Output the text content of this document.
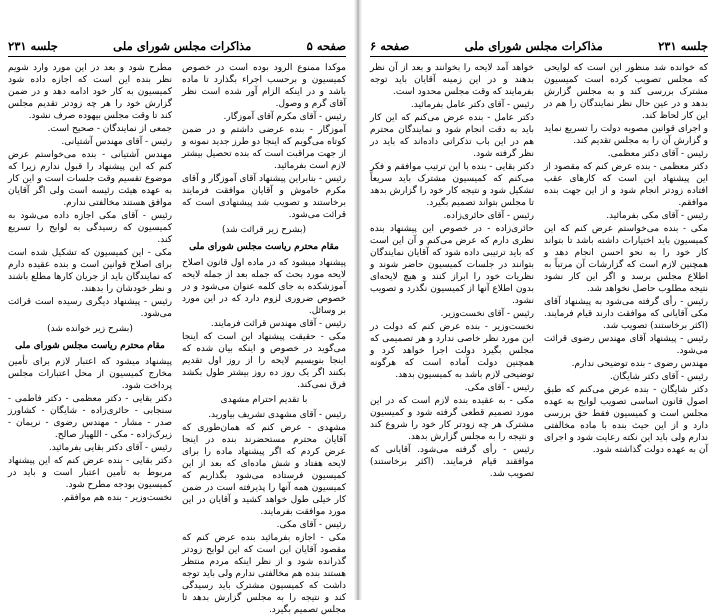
صفحه ۵
مذاکرات مجلس شورای ملی
جلسه ۲۳۱

موکدا ممنوع الرود بوده است در خصوص کمیسیون و برحسب اجراء بگذارد تا ماده باشد و در اینکه الزام آور شده است نظر آقای گرم و وصول.

رئیس - آقای مکرم آقای آموزگار.

آموزگار - بنده عرضی داشتم و در ضمن کوتاه می‌گویم که اینجا دو طرز جدید نمونه و از جهت مراقبت است که بنده تحصیل بیشتر لازم است بفرمائید.

رئیس - بنابراین پیشنهاد آقای آموزگار و آقای مکرم خاموش و آقایان موافقت فرمایند برخاستند و تصویب شد پیشنهادی است که قرائت می‌شود.

(بشرح زیر قرائت شد)

مقام محترم ریاست مجلس شورای ملی

پیشنهاد میشود که در ماده اول قانون اصلاح لایحه مورد بحث که جمله بعد از جمله لایحه آموزشکده به جای کلمه عنوان می‌شود و در خصوص ضروری لزوم دارد که در این مورد بر وسائل.

رئیس - آقای مهندس قرائت فرمایند.

مکی - حقیقت پیشنهاد این است که اینجا می‌گوید در خصوص و اینکه بیان شده که اینجا بنویسیم لایحه را از روز اول تقدیم بکنند اگر یک روز ده روز بیشتر طول بکشد فرق نمی‌کند.

با تقدیم احترام مشهدی

رئیس - آقای مشهدی تشریف بیاورید.

مشهدی - عرض کنم که همان‌طوری که آقایان محترم مستحضرند بنده در اینجا عرض کردم که اگر پیشنهاد ماده را برای لایحه هفتاد و شش ماده‌ای که بعد از این کمیسیون فرستاده می‌شود بگذاریم که کمیسیون همه آنها را پذیرفته است در ضمن کار خیلی طول خواهد کشید و آقایان در این مورد موافقت بفرمایند.

رئیس - آقای مکی.

مکی - اجازه بفرمائید بنده عرض کنم که مقصود آقایان این است که این لوایح زودتر گذرانده شود و از نظر اینکه مردم منتظر هستند بنده هم مخالفتی ندارم ولی باید توجه داشت که کمیسیون مشترک باید رسیدگی کند و نتیجه را به مجلس گزارش بدهد تا مجلس تصمیم بگیرد.

مطرح شود و بعد در این مورد وارد شویم نظر بنده این است که اجازه داده شود کمیسیون به کار خود ادامه دهد و در ضمن گزارش خود را هر چه زودتر تقدیم مجلس کند تا وقت مجلس بیهوده صرف نشود.

جمعی از نمایندگان - صحیح است.

رئیس - آقای مهندس آشتیانی.

مهندس آشتیانی - بنده می‌خواستم عرض کنم که این پیشنهاد را قبول ندارم زیرا که موضوع تقسیم وقت جلسات است و این کار به عهده هیئت رئیسه است ولی اگر آقایان موافق هستند مخالفتی ندارم.

رئیس - آقای مکی اجازه داده می‌شود به کمیسیون که رسیدگی به لوایح را تسریع کند.

مکی - این کمیسیون که تشکیل شده است برای اصلاح قوانین است و بنده عقیده دارم که نمایندگان باید از جریان کارها مطلع باشند و نظر خودشان را بدهند.

رئیس - پیشنهاد دیگری رسیده است قرائت می‌شود.

(بشرح زیر خوانده شد)

مقام محترم ریاست مجلس شورای ملی

پیشنهاد میشود که اعتبار لازم برای تأمین مخارج کمیسیون از محل اعتبارات مجلس پرداخت شود.

دکتر بقایی - دکتر معظمی - دکتر فاطمی - سنجابی - حائری‌زاده - شایگان - کشاورز صدر - مشار - مهندس رضوی - نریمان - زیرک‌زاده - مکی - اللهیار صالح.

رئیس - آقای دکتر بقایی بفرمائید.

دکتر بقایی - بنده عرض کنم که این پیشنهاد مربوط به تأمین اعتبار است و باید در کمیسیون بودجه مطرح شود.

نخست‌وزیر - بنده هم موافقم.

جلسه ۲۳۱
مذاکرات مجلس شورای ملی
صفحه ۶

که خوانده شد منظور این است که لوایحی که مجلس تصویب کرده است کمیسیون مشترک بررسی کند و به مجلس گزارش بدهد و در عین حال نظر نمایندگان را هم در این کار لحاظ کند.

و اجرای قوانین مصوبه دولت را تسریع نماید و گزارش آن را به مجلس تقدیم کند.

رئیس - آقای دکتر معظمی.

دکتر معظمی - بنده عرض کنم که مقصود از این پیشنهاد این است که کارهای عقب افتاده زودتر انجام شود و از این جهت بنده موافقم.

رئیس - آقای مکی بفرمائید.

مکی - بنده می‌خواستم عرض کنم که این کمیسیون باید اختیارات داشته باشد تا بتواند کار خود را به نحو احسن انجام دهد و همچنین لازم است که گزارشات آن مرتباً به اطلاع مجلس برسد و اگر این کار نشود نتیجه مطلوب حاصل نخواهد شد.

رئیس - رأی گرفته می‌شود به پیشنهاد آقای مکی آقایانی که موافقت دارند قیام فرمایند. (اکثر برخاستند) تصویب شد.

رئیس - پیشنهاد آقای مهندس رضوی قرائت می‌شود.

مهندس رضوی - بنده توضیحی ندارم.

رئیس - آقای دکتر شایگان.

دکتر شایگان - بنده عرض می‌کنم که طبق اصول قانون اساسی تصویب لوایح به عهده مجلس است و کمیسیون فقط حق بررسی دارد و از این حیث بنده با ماده مخالفتی ندارم ولی باید این نکته رعایت شود و اجرای آن به عهده دولت گذاشته شود.

خواهد آمد لایحه را بخوانند و بعد از آن نظر بدهند و در این زمینه آقایان باید توجه بفرمایند که وقت مجلس محدود است.

رئیس - آقای دکتر عامل بفرمائید.

دکتر عامل - بنده عرض می‌کنم که این کار باید به دقت انجام شود و نمایندگان محترم هم در این باب تذکراتی داده‌اند که باید در نظر گرفته شود.

دکتر بقایی - بنده با این ترتیب موافقم و فکر می‌کنم که کمیسیون مشترک باید سریعاً تشکیل شود و نتیجه کار خود را گزارش بدهد تا مجلس بتواند تصمیم بگیرد.

رئیس - آقای حائری‌زاده.

حائری‌زاده - در خصوص این پیشنهاد بنده نظری دارم که عرض می‌کنم و آن این است که باید ترتیبی داده شود که آقایان نمایندگان بتوانند در جلسات کمیسیون حاضر شوند و نظریات خود را ابراز کنند و هیچ لایحه‌ای بدون اطلاع آنها از کمیسیون نگذرد و تصویب نشود.

رئیس - آقای نخست‌وزیر.

نخست‌وزیر - بنده عرض کنم که دولت در این مورد نظر خاصی ندارد و هر تصمیمی که مجلس بگیرد دولت اجرا خواهد کرد و همچنین دولت آماده است که هرگونه توضیحی لازم باشد به کمیسیون بدهد.

رئیس - آقای مکی.

مکی - به عقیده بنده لازم است که در این مورد تصمیم قطعی گرفته شود و کمیسیون مشترک هر چه زودتر کار خود را شروع کند و نتیجه را به مجلس گزارش بدهد.

رئیس - رأی گرفته می‌شود. آقایانی که موافقند قیام فرمایند. (اکثر برخاستند) تصویب شد.
